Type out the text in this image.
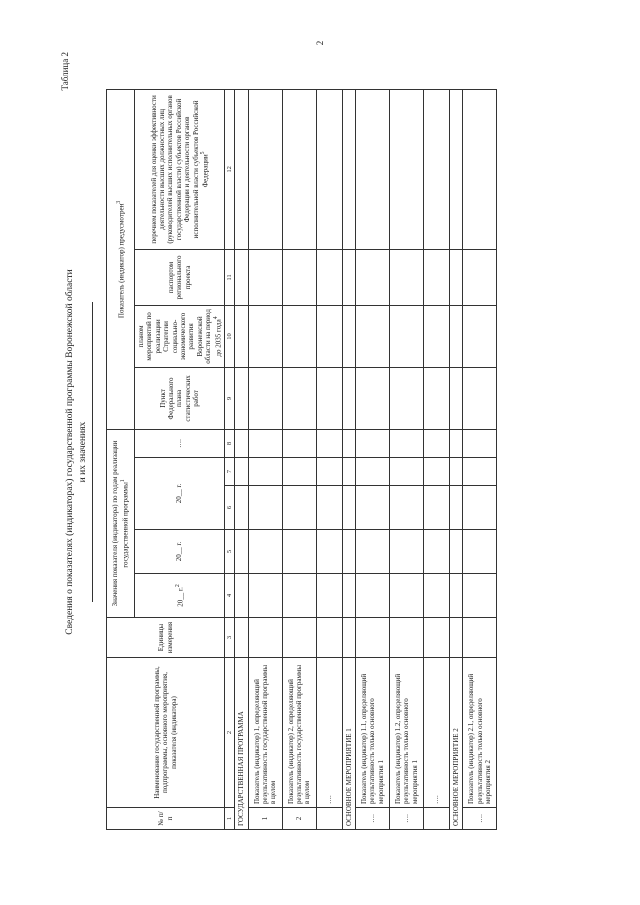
2
Таблица 2
Сведения о показателях (индикаторах) государственной программы Воронежской области и их значениях
№ п/п	Наименование государственной программы, подпрограммы, основного мероприятия, показателя (индикатора)	Единицы измерения	Значения показателя (индикатора) по годам реализации государственной программы$^1$					Показатель (индикатор) предусмотрен$^3$
			20__ г.$^2$	20__ г.	20__ г.		….	Пункт Федерального плана статистических работ	планом мероприятий по реализации Стратегии социально-экономического развития Воронежской области на период до 2035 года$^4$	паспортом регионального проекта	перечнем показателей для оценки эффективности деятельности высших должностных лиц (руководителей высших исполнительных органов государственной власти) субъектов Российской Федерации и деятельности органов исполнительной власти субъектов Российской Федерации$^5$
1	2	3	4	5	6	7	8	9	10	11	12
ГОСУДАРСТВЕННАЯ ПРОГРАММА											
1	Показатель (индикатор) 1, определяющий результативность государственной программы в целом										
2	Показатель (индикатор) 2, определяющий результативность государственной программы в целом										
	….										
ОСНОВНОЕ МЕРОПРИЯТИЕ 1											
….	Показатель (индикатор) 1.1, определяющий результативность только основного мероприятия 1										
….	Показатель (индикатор) 1.2, определяющий результативность только основного мероприятия 1										
	….										
ОСНОВНОЕ МЕРОПРИЯТИЕ 2											
….	Показатель (индикатор) 2.1, определяющий результативность только основного мероприятия 2										
